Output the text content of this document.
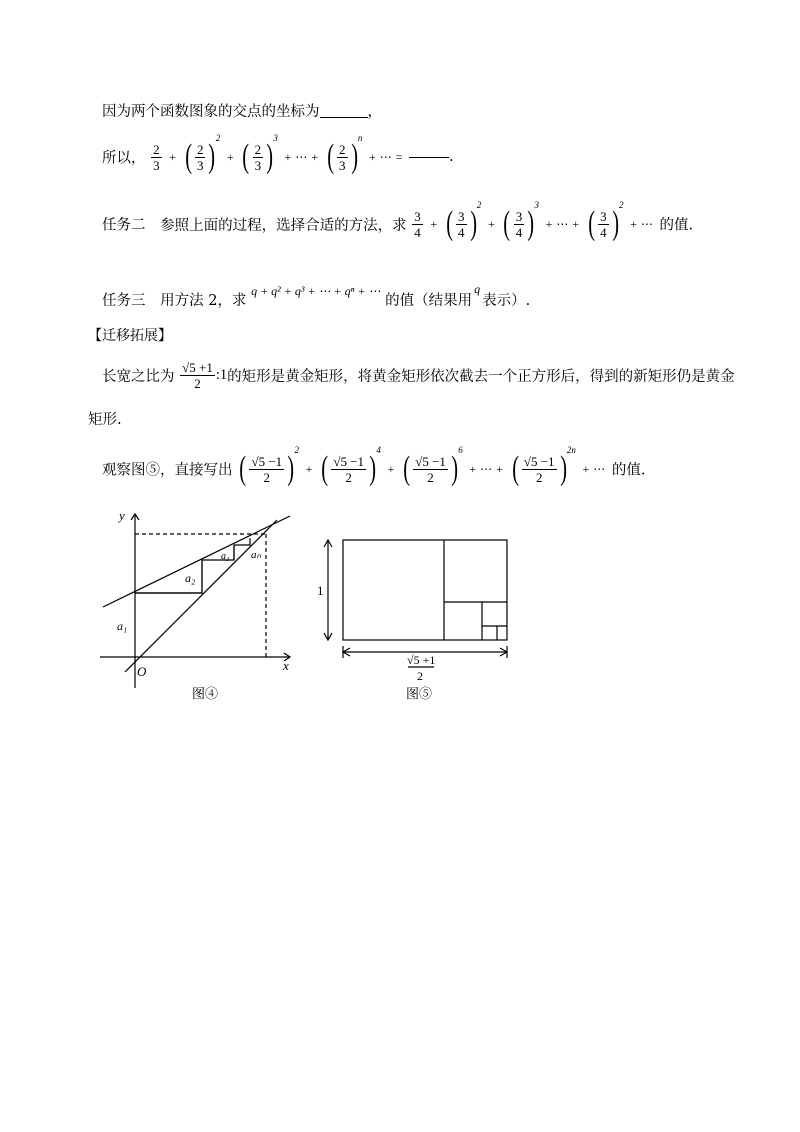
因为两个函数图象的交点的坐标为	，
所以， $\frac{2}{3}$ + ( $\frac{2}{3} )^2$ + ( $\frac{2}{3} )^3$ + ⋯ + ( $\frac{2}{3} )^n$ + ⋯ =	.
任务二 参照上面的过程，选择合适的方法，求 $\frac{3}{4}$ + ( $\frac{3}{4} )^2$ + ( $\frac{3}{4} )^3$ + ⋯ + ( $\frac{3}{4} )^2$ + ⋯ 的值.
任务三 用方法 2，求 $^{q + q^2 + q^3 + \cdots + q^n + \cdots}$ 的值（结果用$^q$表示）.
【迁移拓展】
长宽之比为 $\frac{√5 +1}{2}$ :1的矩形是黄金矩形，将黄金矩形依次截去一个正方形后，得到的新矩形仍是黄金
矩形.
观察图⑤，直接写出 ( $\frac{√5 -1}{2} )^2$ + ( $\frac{√5 -1}{2} )^4$ + ( $\frac{√5 -1}{2} )^6$ + ⋯ + ( $\frac{√5 -1}{2} )^{2n}$ + ⋯ 的值.
y
x
O
a₁
a₂
a₃ aₙ
图④
1
√5 +1
2
图⑤
